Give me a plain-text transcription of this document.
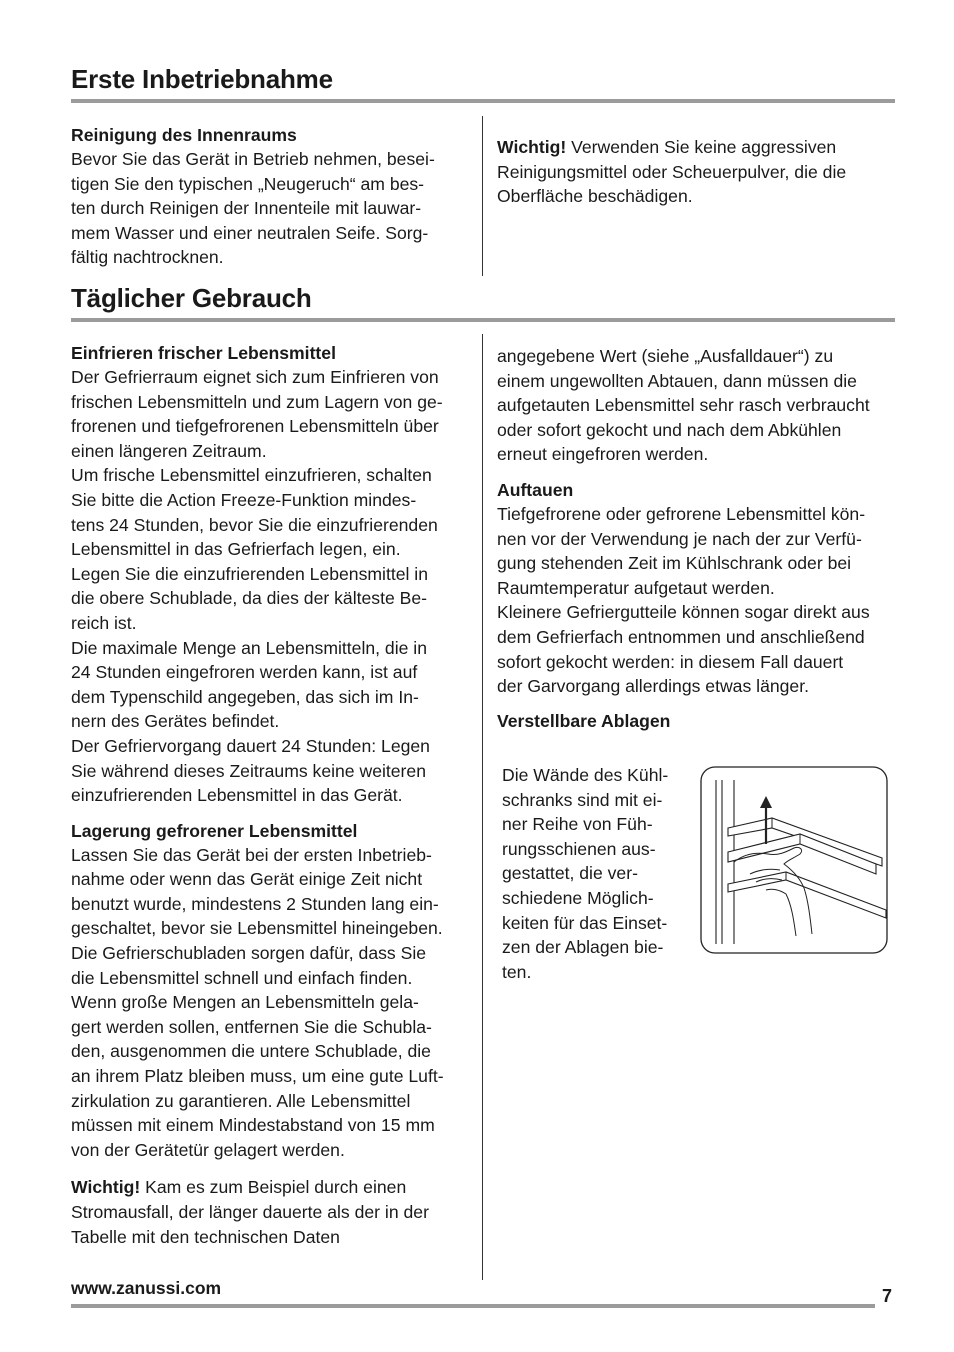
Erste Inbetriebnahme

Reinigung des Innenraums

Bevor Sie das Gerät in Betrieb nehmen, besei-
tigen Sie den typischen „Neugeruch“ am bes-
ten durch Reinigen der Innenteile mit lauwar-
mem Wasser und einer neutralen Seife. Sorg-
fältig nachtrocknen.

Wichtig! Verwenden Sie keine aggressiven
Reinigungsmittel oder Scheuerpulver, die die
Oberfläche beschädigen.

Täglicher Gebrauch

Einfrieren frischer Lebensmittel

Der Gefrierraum eignet sich zum Einfrieren von
frischen Lebensmitteln und zum Lagern von ge-
frorenen und tiefgefrorenen Lebensmitteln über
einen längeren Zeitraum.
Um frische Lebensmittel einzufrieren, schalten
Sie bitte die Action Freeze-Funktion mindes-
tens 24 Stunden, bevor Sie die einzufrierenden
Lebensmittel in das Gefrierfach legen, ein.
Legen Sie die einzufrierenden Lebensmittel in
die obere Schublade, da dies der kälteste Be-
reich ist.
Die maximale Menge an Lebensmitteln, die in
24 Stunden eingefroren werden kann, ist auf
dem Typenschild angegeben, das sich im In-
nern des Gerätes befindet.
Der Gefriervorgang dauert 24 Stunden: Legen
Sie während dieses Zeitraums keine weiteren
einzufrierenden Lebensmittel in das Gerät.

Lagerung gefrorener Lebensmittel

Lassen Sie das Gerät bei der ersten Inbetrieb-
nahme oder wenn das Gerät einige Zeit nicht
benutzt wurde, mindestens 2 Stunden lang ein-
geschaltet, bevor sie Lebensmittel hineingeben.
Die Gefrierschubladen sorgen dafür, dass Sie
die Lebensmittel schnell und einfach finden.
Wenn große Mengen an Lebensmitteln gela-
gert werden sollen, entfernen Sie die Schubla-
den, ausgenommen die untere Schublade, die
an ihrem Platz bleiben muss, um eine gute Luft-
zirkulation zu garantieren. Alle Lebensmittel
müssen mit einem Mindestabstand von 15 mm
von der Gerätetür gelagert werden.

Wichtig! Kam es zum Beispiel durch einen
Stromausfall, der länger dauerte als der in der
Tabelle mit den technischen Daten

angegebene Wert (siehe „Ausfalldauer“) zu
einem ungewollten Abtauen, dann müssen die
aufgetauten Lebensmittel sehr rasch verbraucht
oder sofort gekocht und nach dem Abkühlen
erneut eingefroren werden.

Auftauen

Tiefgefrorene oder gefrorene Lebensmittel kön-
nen vor der Verwendung je nach der zur Verfü-
gung stehenden Zeit im Kühlschrank oder bei
Raumtemperatur aufgetaut werden.
Kleinere Gefriergutteile können sogar direkt aus
dem Gefrierfach entnommen und anschließend
sofort gekocht werden: in diesem Fall dauert
der Garvorgang allerdings etwas länger.

Verstellbare Ablagen

Die Wände des Kühl-
schranks sind mit ei-
ner Reihe von Füh-
rungsschienen aus-
gestattet, die ver-
schiedene Möglich-
keiten für das Einset-
zen der Ablagen bie-
ten.
www.zanussi.com	7
